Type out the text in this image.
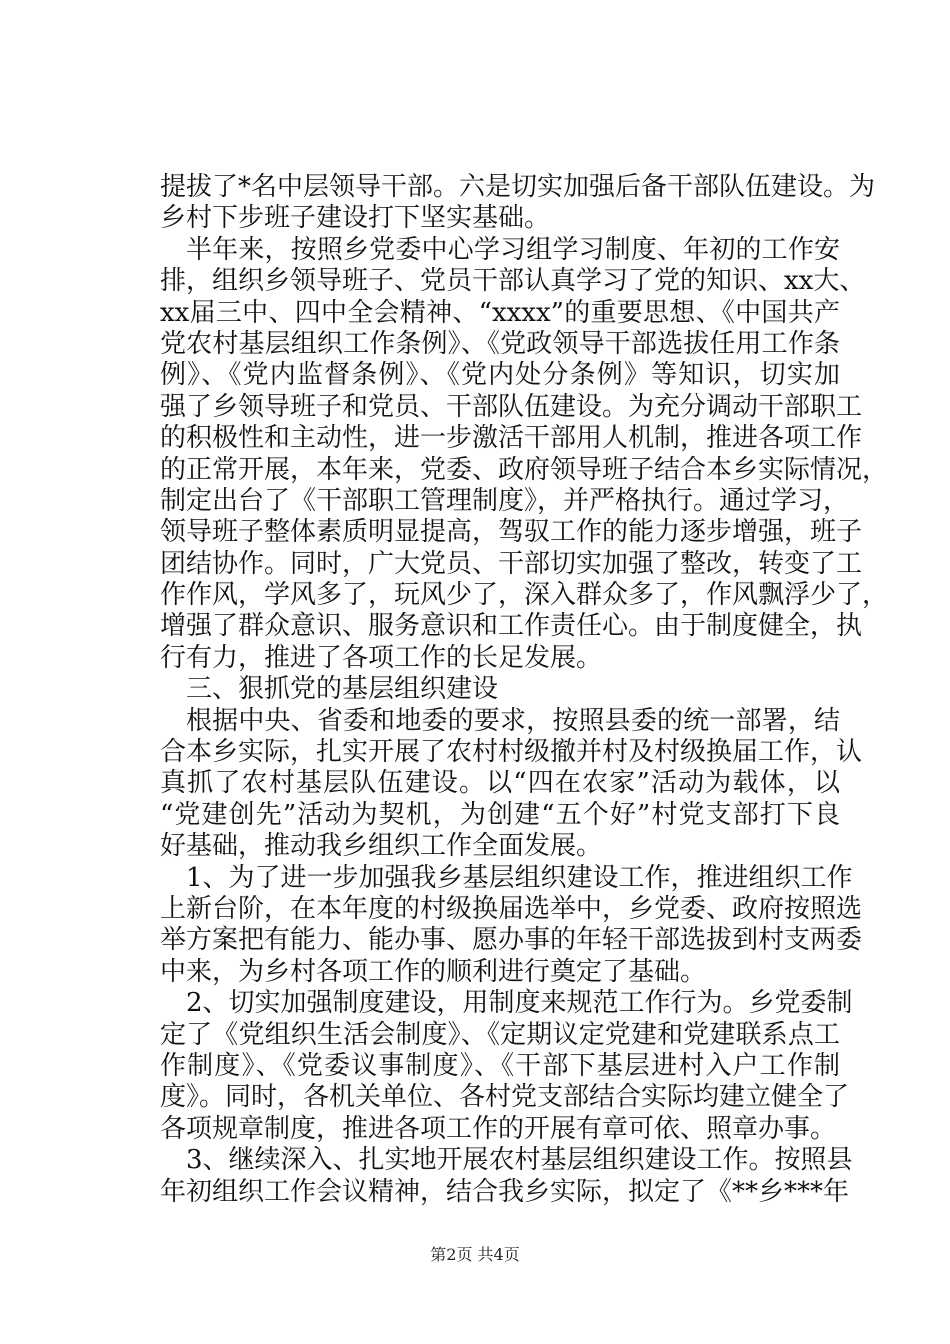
提拔了*名中层领导干部。六是切实加强后备干部队伍建设。为
乡村下步班子建设打下坚实基础。
半年来，按照乡党委中心学习组学习制度、年初的工作安
排，组织乡领导班子、党员干部认真学习了党的知识、xx大、
xx届三中、四中全会精神、“xxxx”的重要思想、《中国共产
党农村基层组织工作条例》、《党政领导干部选拔任用工作条
例》、《党内监督条例》、《党内处分条例》等知识，切实加
强了乡领导班子和党员、干部队伍建设。为充分调动干部职工
的积极性和主动性，进一步激活干部用人机制，推进各项工作
的正常开展，本年来，党委、政府领导班子结合本乡实际情况，
制定出台了《干部职工管理制度》，并严格执行。通过学习，
领导班子整体素质明显提高，驾驭工作的能力逐步增强，班子
团结协作。同时，广大党员、干部切实加强了整改，转变了工
作作风，学风多了，玩风少了，深入群众多了，作风飘浮少了，
增强了群众意识、服务意识和工作责任心。由于制度健全，执
行有力，推进了各项工作的长足发展。
三、狠抓党的基层组织建设
根据中央、省委和地委的要求，按照县委的统一部署，结
合本乡实际，扎实开展了农村村级撤并村及村级换届工作，认
真抓了农村基层队伍建设。以“四在农家”活动为载体，以
“党建创先”活动为契机，为创建“五个好”村党支部打下良
好基础，推动我乡组织工作全面发展。
1、为了进一步加强我乡基层组织建设工作，推进组织工作
上新台阶，在本年度的村级换届选举中，乡党委、政府按照选
举方案把有能力、能办事、愿办事的年轻干部选拔到村支两委
中来，为乡村各项工作的顺利进行奠定了基础。
2、切实加强制度建设，用制度来规范工作行为。乡党委制
定了《党组织生活会制度》、《定期议定党建和党建联系点工
作制度》、《党委议事制度》、《干部下基层进村入户工作制
度》。同时，各机关单位、各村党支部结合实际均建立健全了
各项规章制度，推进各项工作的开展有章可依、照章办事。
3、继续深入、扎实地开展农村基层组织建设工作。按照县
年初组织工作会议精神，结合我乡实际，拟定了《**乡***年
第2页 共4页
